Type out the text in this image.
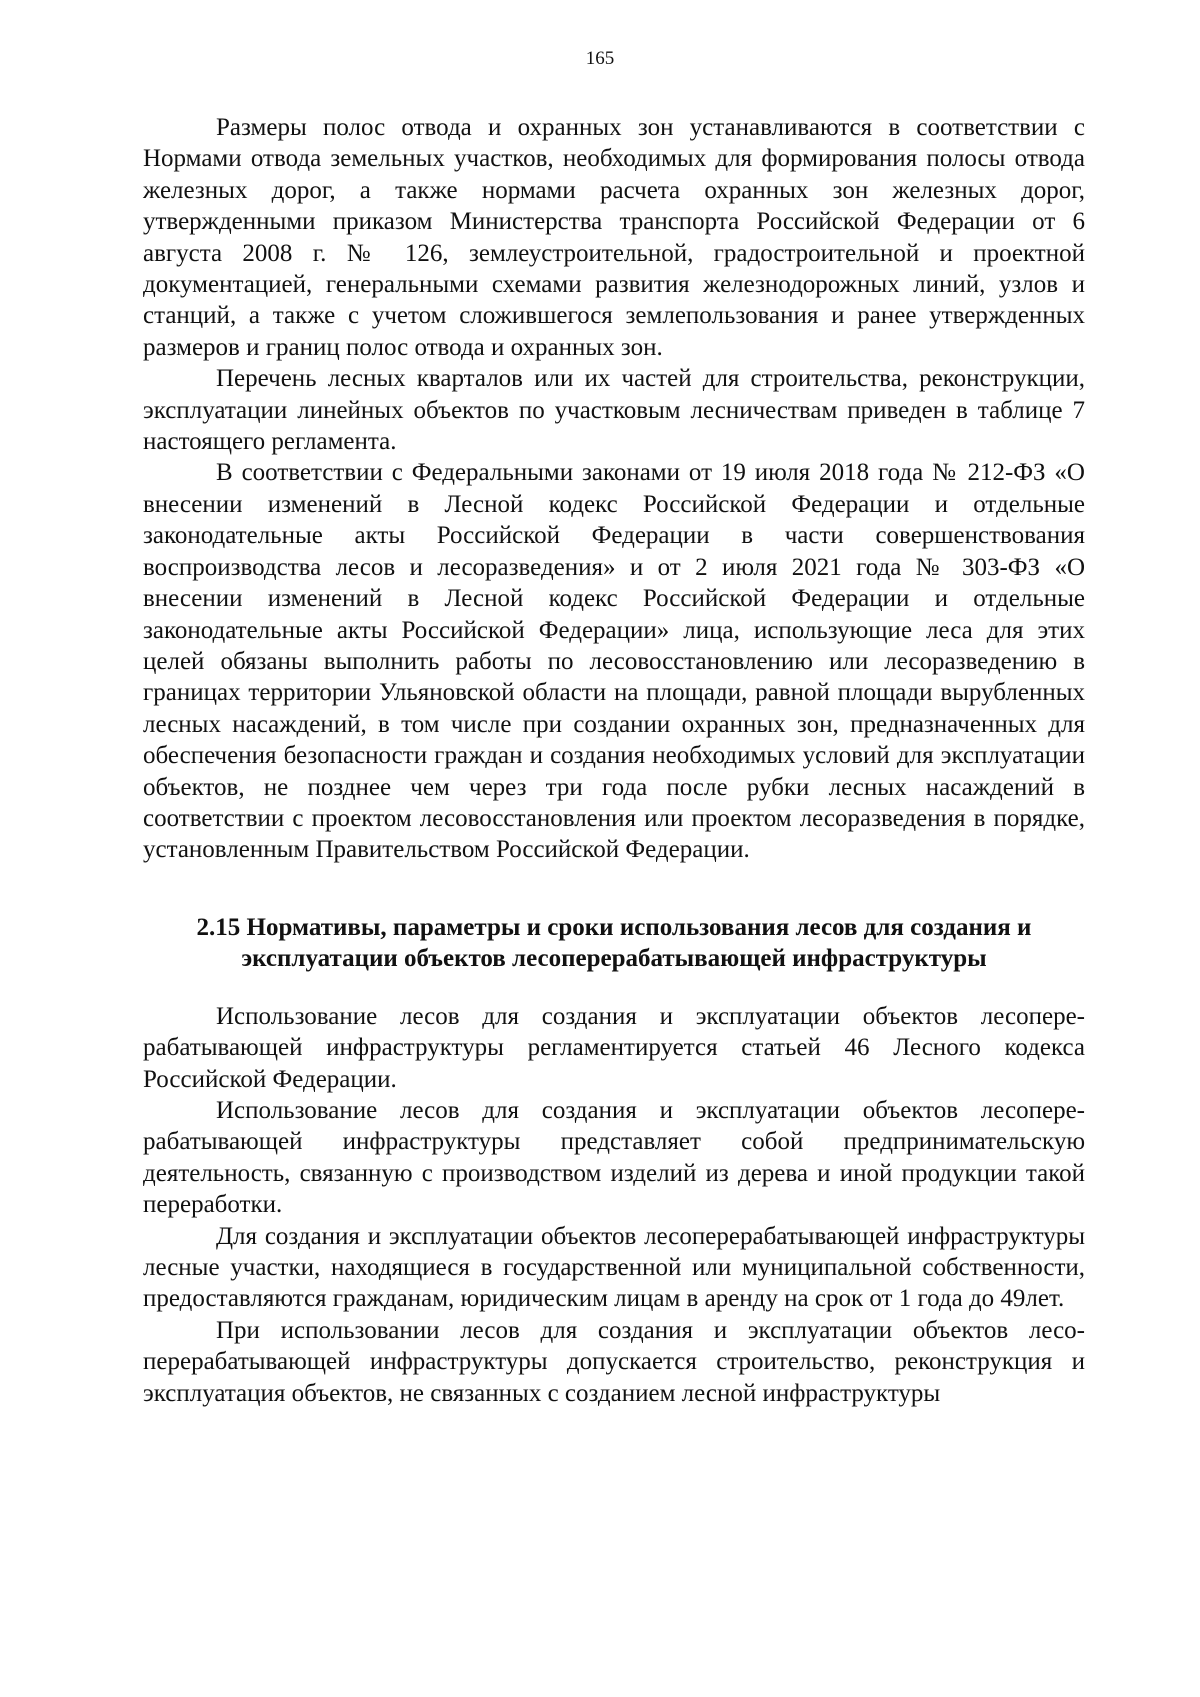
165

Размеры полос отвода и охранных зон устанавливаются в соответствии с Нормами отвода земельных участков, необходимых для формирования полосы отвода железных дорог, а также нормами расчета охранных зон железных дорог, утвержденными приказом Министерства транспорта Российской Федерации от 6 августа 2008 г. № 126, землеустроительной, градостроительной и проектной документацией, генеральными схемами развития железнодорожных линий, узлов и станций, а также с учетом сложившегося землепользования и ранее утвержденных размеров и границ полос отвода и охранных зон.

Перечень лесных кварталов или их частей для строительства, реконструкции, эксплуатации линейных объектов по участковым лесничествам приведен в таблице 7 настоящего регламента.

В соответствии с Федеральными законами от 19 июля 2018 года № 212-ФЗ «О внесении изменений в Лесной кодекс Российской Федерации и отдельные законодательные акты Российской Федерации в части совершенствования воспроизводства лесов и лесоразведения» и от 2 июля 2021 года № 303-ФЗ «О внесении изменений в Лесной кодекс Российской Федерации и отдельные законодательные акты Российской Федерации» лица, использующие леса для этих целей обязаны выполнить работы по лесовосстановлению или лесоразведению в границах территории Ульяновской области на площади, равной площади вырубленных лесных насаждений, в том числе при создании охранных зон, предназначенных для обеспечения безопасности граждан и создания необходимых условий для эксплуатации объектов, не позднее чем через три года после рубки лесных насаждений в соответствии с проектом лесовосстановления или проектом лесоразведения в порядке, установленным Правительством Российской Федерации.

2.15 Нормативы, параметры и сроки использования лесов для создания и эксплуатации объектов лесоперерабатывающей инфраструктуры

Использование лесов для создания и эксплуатации объектов лесоперерабатывающей инфраструктуры регламентируется статьей 46 Лесного кодекса Российской Федерации.

Использование лесов для создания и эксплуатации объектов лесоперерабатывающей инфраструктуры представляет собой предпринимательскую деятельность, связанную с производством изделий из дерева и иной продукции такой переработки.

Для создания и эксплуатации объектов лесоперерабатывающей инфраструктуры лесные участки, находящиеся в государственной или муниципальной собственности, предоставляются гражданам, юридическим лицам в аренду на срок от 1 года до 49лет.

При использовании лесов для создания и эксплуатации объектов лесоперерабатывающей инфраструктуры допускается строительство, реконструкция и эксплуатация объектов, не связанных с созданием лесной инфраструктуры
